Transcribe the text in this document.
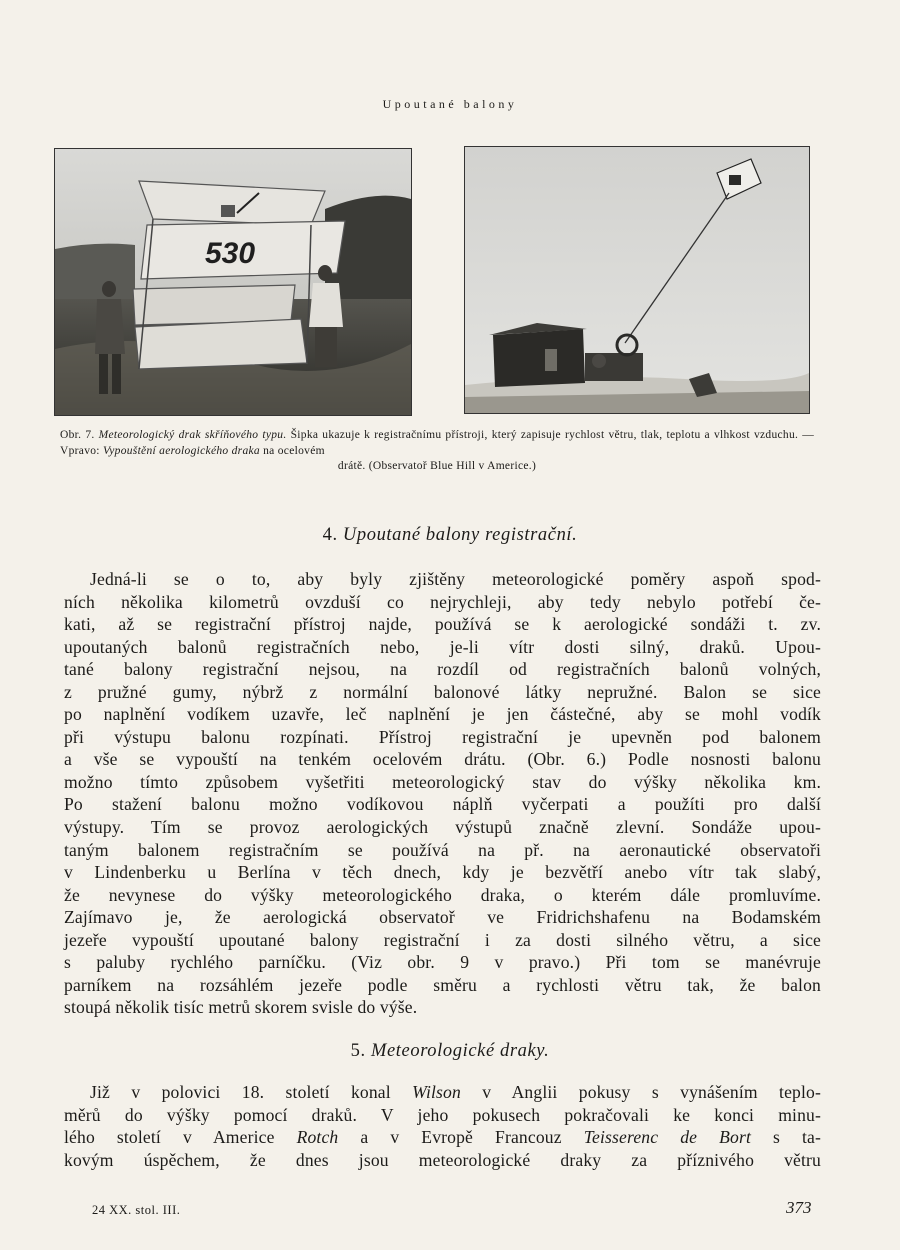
Upoutané balony
530
Obr. 7. Meteorologický drak skříňového typu. Šipka ukazuje k registračnímu přístroji, který zapisuje rychlost větru, tlak, teplotu a vlhkost vzduchu. — Vpravo: Vypouštění aerologického draka na ocelovém
drátě. (Observatoř Blue Hill v Americe.)
4. Upoutané balony registrační.
Jedná-li se o to, aby byly zjištěny meteorologické poměry aspoň spod-
ních několika kilometrů ovzduší co nejrychleji, aby tedy nebylo potřebí če-
kati, až se registrační přístroj najde, používá se k aerologické sondáži t. zv.
upoutaných balonů registračních nebo, je-li vítr dosti silný, draků. Upou-
tané balony registrační nejsou, na rozdíl od registračních balonů volných,
z pružné gumy, nýbrž z normální balonové látky nepružné. Balon se sice
po naplnění vodíkem uzavře, leč naplnění je jen částečné, aby se mohl vodík
při výstupu balonu rozpínati. Přístroj registrační je upevněn pod balonem
a vše se vypouští na tenkém ocelovém drátu. (Obr. 6.) Podle nosnosti balonu
možno tímto způsobem vyšetřiti meteorologický stav do výšky několika km.
Po stažení balonu možno vodíkovou náplň vyčerpati a použíti pro další
výstupy. Tím se provoz aerologických výstupů značně zlevní. Sondáže upou-
taným balonem registračním se používá na př. na aeronautické observatoři
v Lindenberku u Berlína v těch dnech, kdy je bezvětří anebo vítr tak slabý,
že nevynese do výšky meteorologického draka, o kterém dále promluvíme.
Zajímavo je, že aerologická observatoř ve Fridrichshafenu na Bodamském
jezeře vypouští upoutané balony registrační i za dosti silného větru, a sice
s paluby rychlého parníčku. (Viz obr. 9 v pravo.) Při tom se manévruje
parníkem na rozsáhlém jezeře podle směru a rychlosti větru tak, že balon
stoupá několik tisíc metrů skorem svisle do výše.
5. Meteorologické draky.
Již v polovici 18. století konal Wilson v Anglii pokusy s vynášením teplo-
měrů do výšky pomocí draků. V jeho pokusech pokračovali ke konci minu-
lého století v Americe Rotch a v Evropě Francouz Teisserenc de Bort s ta-
kovým úspěchem, že dnes jsou meteorologické draky za příznivého větru
24 XX. stol. III.	373
